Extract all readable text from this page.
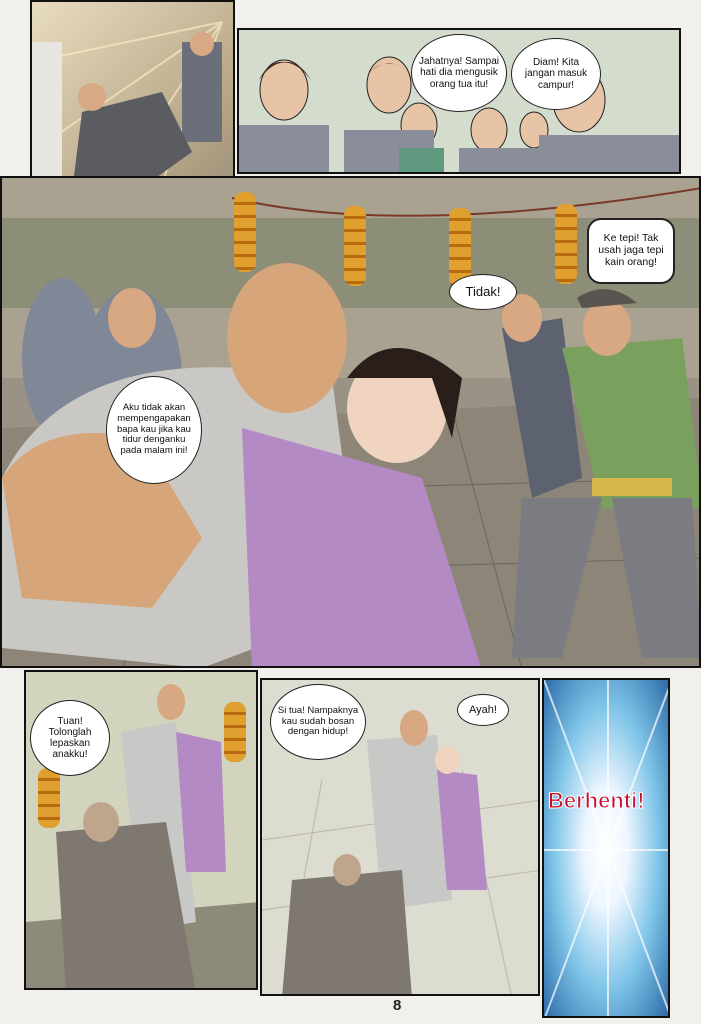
Jahatnya! Sampai hati dia mengusik orang tua itu!
Diam! Kita jangan masuk campur!
Aku tidak akan mempengapakan bapa kau jika kau tidur denganku pada malam ini!
Ke tepi! Tak usah jaga tepi kain orang!
Tidak!
Tuan! Tolonglah lepaskan anakku!
Si tua! Nampaknya kau sudah bosan dengan hidup!
Ayah!
Berhenti!
8
